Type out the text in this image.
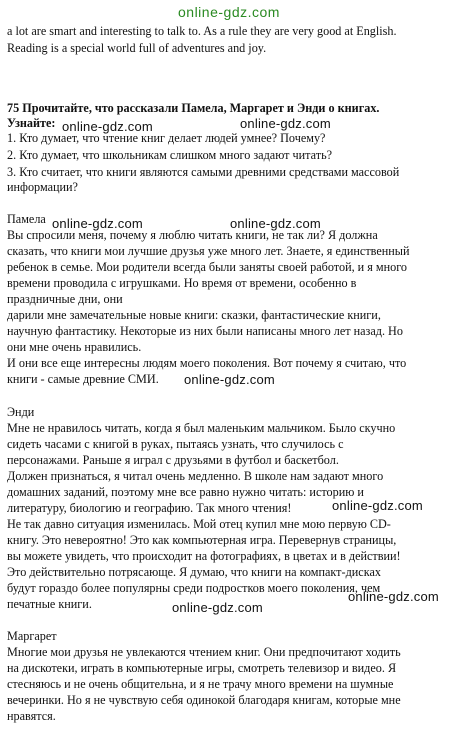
online-gdz.com
a lot are smart and interesting to talk to. As a rule they are very good at English.
Reading is a special world full of adventures and joy.
75 Прочитайте, что рассказали Памела, Маргарет и Энди о книгах.
Узнайте: online-gdz.com	online-gdz.com
1. Кто думает, что чтение книг делает людей умнее? Почему?
2. Кто думает, что школьникам слишком много задают читать?
3. Кто считает, что книги являются самыми древними средствами массовой
информации?
Памела online-gdz.com	online-gdz.com
Вы спросили меня, почему я люблю читать книги, не так ли? Я должна
сказать, что книги мои лучшие друзья уже много лет. Знаете, я единственный
ребенок в семье. Мои родители всегда были заняты своей работой, и я много
времени проводила с игрушками. Но время от времени, особенно в
праздничные дни, они
дарили мне замечательные новые книги: сказки, фантастические книги,
научную фантастику. Некоторые из них были написаны много лет назад. Но
они мне очень нравились.
И они все еще интересны людям моего поколения. Вот почему я считаю, что
книги - самые древние СМИ. online-gdz.com
Энди
Мне не нравилось читать, когда я был маленьким мальчиком. Было скучно
сидеть часами с книгой в руках, пытаясь узнать, что случилось с
персонажами. Раньше я играл с друзьями в футбол и баскетбол.
Должен признаться, я читал очень медленно. В школе нам задают много
домашних заданий, поэтому мне все равно нужно читать: историю и
литературу, биологию и географию. Так много чтения!	online-gdz.com
Не так давно ситуация изменилась. Мой отец купил мне мою первую CD-
книгу. Это невероятно! Это как компьютерная игра. Перевернув страницы,
вы можете увидеть, что происходит на фотографиях, в цветах и в действии!
Это действительно потрясающе. Я думаю, что книги на компакт-дисках
будут гораздо более популярны среди подростков моего поколения, чем
печатные книги.	online-gdz.com
online-gdz.com
Маргарет
Многие мои друзья не увлекаются чтением книг. Они предпочитают ходить
на дискотеки, играть в компьютерные игры, смотреть телевизор и видео. Я
стесняюсь и не очень общительна, и я не трачу много времени на шумные
вечеринки. Но я не чувствую себя одинокой благодаря книгам, которые мне
нравятся.
